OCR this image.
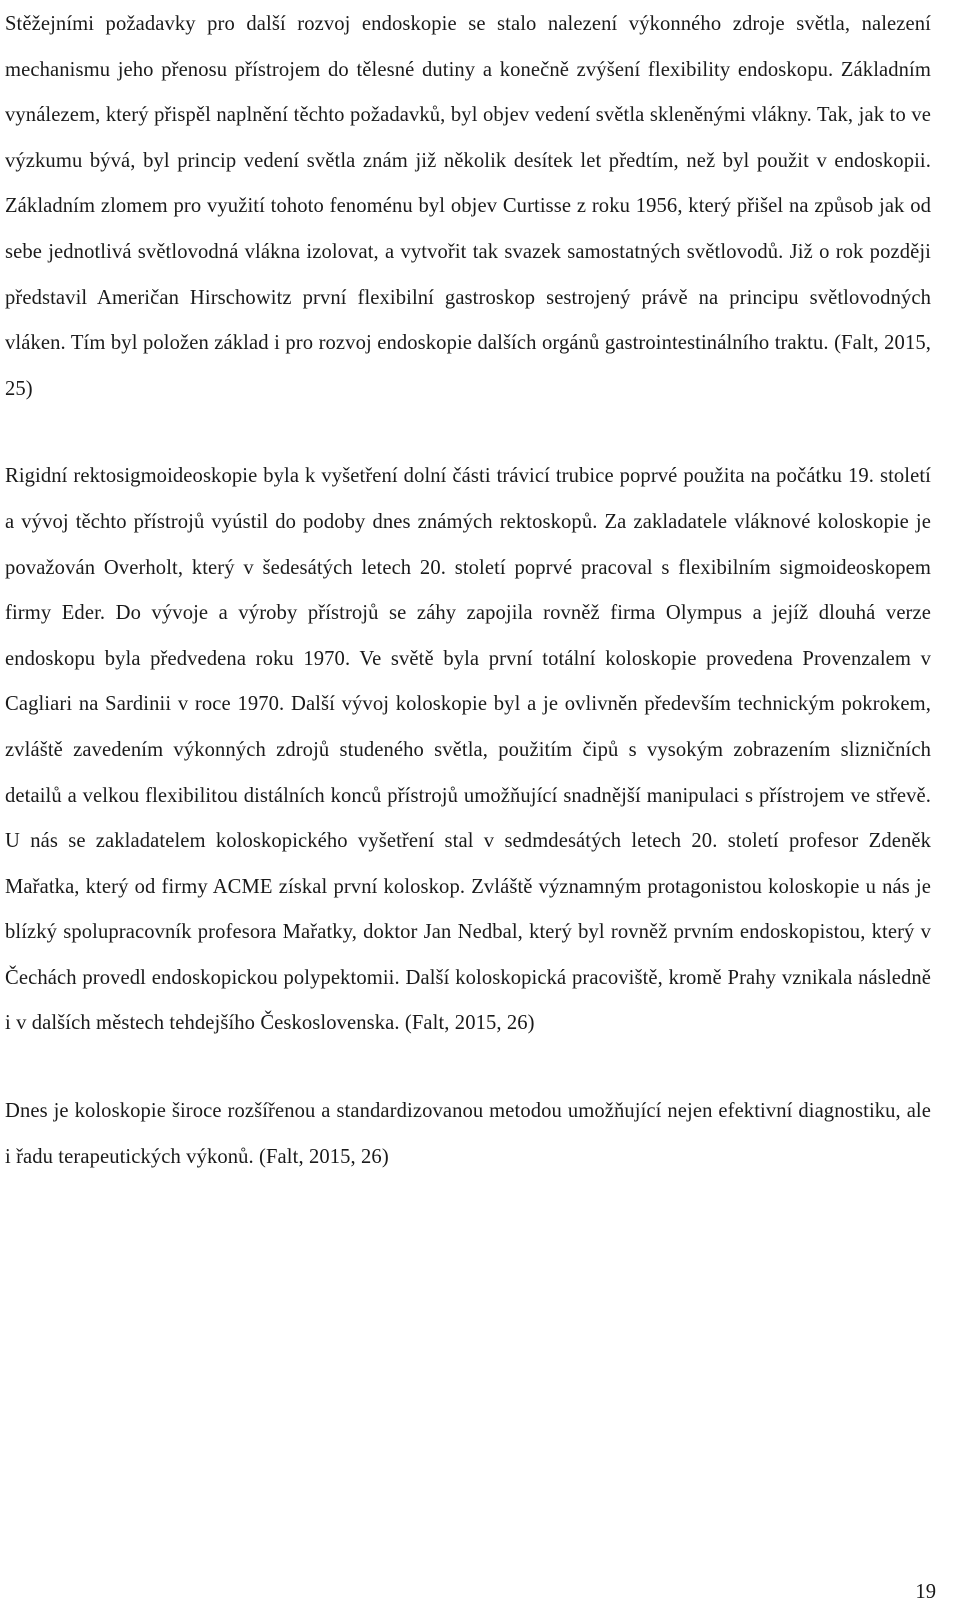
Stěžejními požadavky pro další rozvoj endoskopie se stalo nalezení výkonného zdroje světla, nalezení mechanismu jeho přenosu přístrojem do tělesné dutiny a konečně zvýšení flexibility endoskopu. Základním vynálezem, který přispěl naplnění těchto požadavků, byl objev vedení světla skleněnými vlákny. Tak, jak to ve výzkumu bývá, byl princip vedení světla znám již několik desítek let předtím, než byl použit v endoskopii. Základním zlomem pro využití tohoto fenoménu byl objev Curtisse z roku 1956, který přišel na způsob jak od sebe jednotlivá světlovodná vlákna izolovat, a vytvořit tak svazek samostatných světlovodů. Již o rok později představil Američan Hirschowitz první flexibilní gastroskop sestrojený právě na principu světlovodných vláken. Tím byl položen základ i pro rozvoj endoskopie dalších orgánů gastrointestinálního traktu. (Falt, 2015, 25)

Rigidní rektosigmoideoskopie byla k vyšetření dolní části trávicí trubice poprvé použita na počátku 19. století a vývoj těchto přístrojů vyústil do podoby dnes známých rektoskopů. Za zakladatele vláknové koloskopie je považován Overholt, který v šedesátých letech 20. století poprvé pracoval s flexibilním sigmoideoskopem firmy Eder. Do vývoje a výroby přístrojů se záhy zapojila rovněž firma Olympus a jejíž dlouhá verze endoskopu byla předvedena roku 1970. Ve světě byla první totální koloskopie provedena Provenzalem v Cagliari na Sardinii v roce 1970. Další vývoj koloskopie byl a je ovlivněn především technickým pokrokem, zvláště zavedením výkonných zdrojů studeného světla, použitím čipů s vysokým zobrazením slizničních detailů a velkou flexibilitou distálních konců přístrojů umožňující snadnější manipulaci s přístrojem ve střevě. U nás se zakladatelem koloskopického vyšetření stal v sedmdesátých letech 20. století profesor Zdeněk Mařatka, který od firmy ACME získal první koloskop. Zvláště významným protagonistou koloskopie u nás je blízký spolupracovník profesora Mařatky, doktor Jan Nedbal, který byl rovněž prvním endoskopistou, který v Čechách provedl endoskopickou polypektomii. Další koloskopická pracoviště, kromě Prahy vznikala následně i v dalších městech tehdejšího Československa. (Falt, 2015, 26)

Dnes je koloskopie široce rozšířenou a standardizovanou metodou umožňující nejen efektivní diagnostiku, ale i řadu terapeutických výkonů. (Falt, 2015, 26)

19
